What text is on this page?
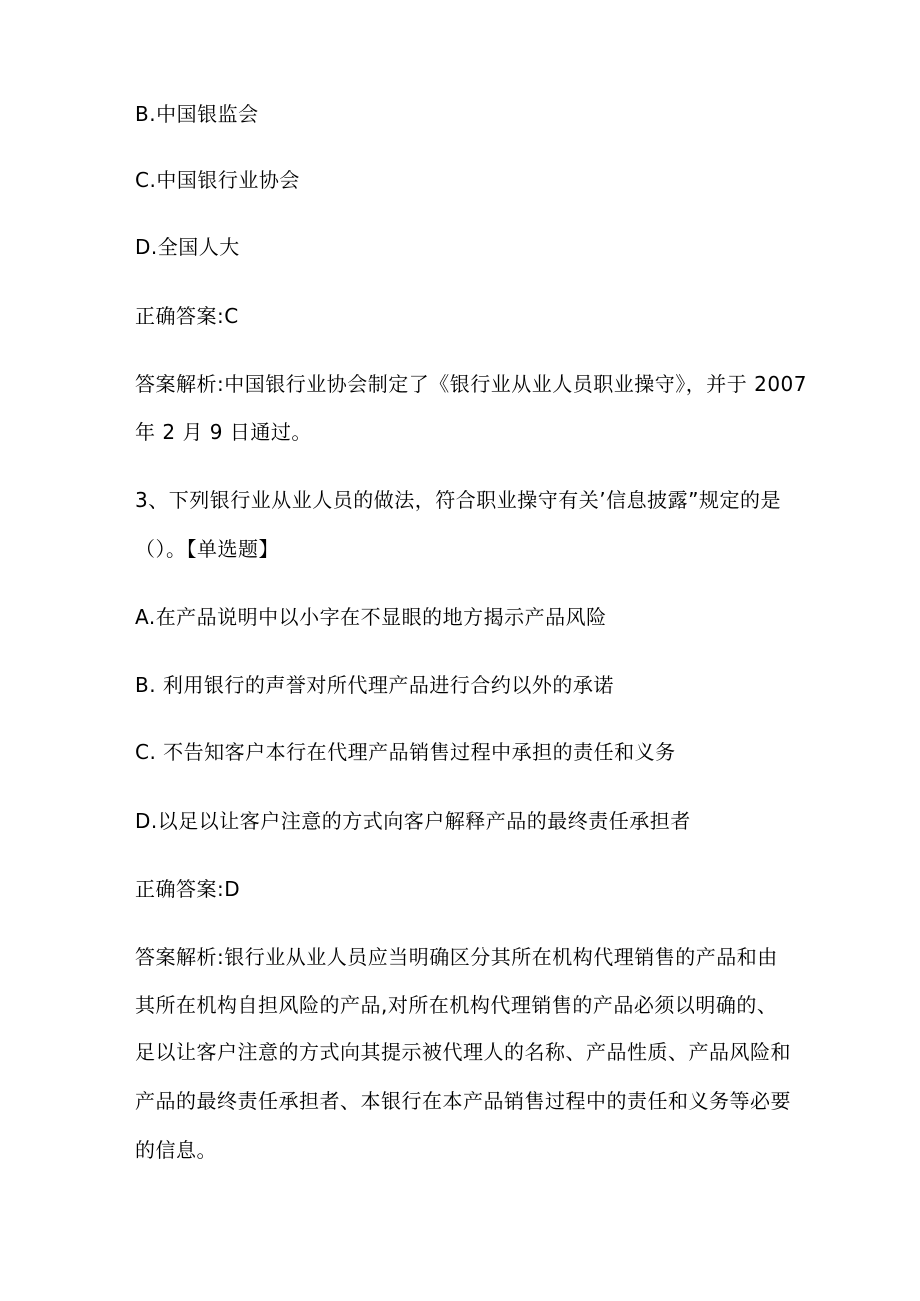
B.中国银监会
C.中国银行业协会
D.全国人大
正确答案:C
答案解析:中国银行业协会制定了《银行业从业人员职业操守》，并于 2007
年 2 月 9 日通过。
3、下列银行业从业人员的做法，符合职业操守有关’信息披露”规定的是
（）。【单选题】
A.在产品说明中以小字在不显眼的地方揭示产品风险
B. 利用银行的声誉对所代理产品进行合约以外的承诺
C. 不告知客户本行在代理产品销售过程中承担的责任和义务
D.以足以让客户注意的方式向客户解释产品的最终责任承担者
正确答案:D
答案解析:银行业从业人员应当明确区分其所在机构代理销售的产品和由
其所在机构自担风险的产品,对所在机构代理销售的产品必须以明确的、
足以让客户注意的方式向其提示被代理人的名称、产品性质、产品风险和
产品的最终责任承担者、本银行在本产品销售过程中的责任和义务等必要
的信息。
